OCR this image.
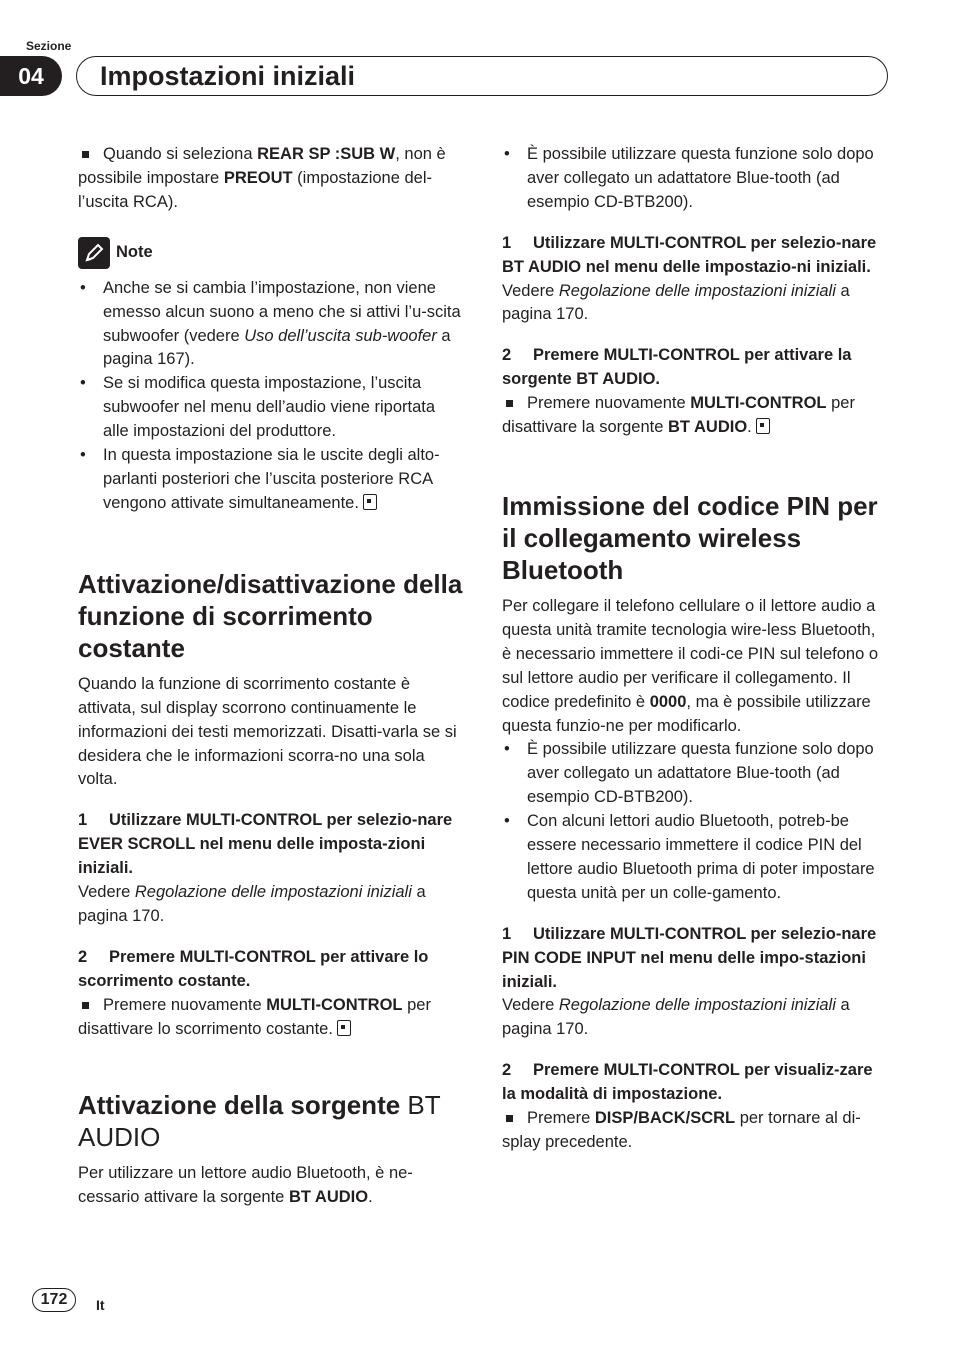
Sezione
04	Impostazioni iniziali

Quando si seleziona REAR SP :SUB W, non è possibile impostare PREOUT (impostazione del-l’uscita RCA).

Note

• Anche se si cambia l’impostazione, non viene emesso alcun suono a meno che si attivi l’u-scita subwoofer (vedere Uso dell’uscita sub-woofer a pagina 167).

• Se si modifica questa impostazione, l’uscita subwoofer nel menu dell’audio viene riportata alle impostazioni del produttore.

• In questa impostazione sia le uscite degli alto-parlanti posteriori che l’uscita posteriore RCA vengono attivate simultaneamente.

Attivazione/disattivazione della funzione di scorrimento costante

Quando la funzione di scorrimento costante è attivata, sul display scorrono continuamente le informazioni dei testi memorizzati. Disatti-varla se si desidera che le informazioni scorra-no una sola volta.

1 Utilizzare MULTI-CONTROL per selezio-nare EVER SCROLL nel menu delle imposta-zioni iniziali.

Vedere Regolazione delle impostazioni iniziali a pagina 170.

2 Premere MULTI-CONTROL per attivare lo scorrimento costante.

Premere nuovamente MULTI-CONTROL per disattivare lo scorrimento costante.

Attivazione della sorgente BT AUDIO

Per utilizzare un lettore audio Bluetooth, è ne-cessario attivare la sorgente BT AUDIO.

• È possibile utilizzare questa funzione solo dopo aver collegato un adattatore Blue-tooth (ad esempio CD-BTB200).

1 Utilizzare MULTI-CONTROL per selezio-nare BT AUDIO nel menu delle impostazio-ni iniziali.

Vedere Regolazione delle impostazioni iniziali a pagina 170.

2 Premere MULTI-CONTROL per attivare la sorgente BT AUDIO.

Premere nuovamente MULTI-CONTROL per disattivare la sorgente BT AUDIO.

Immissione del codice PIN per il collegamento wireless Bluetooth

Per collegare il telefono cellulare o il lettore audio a questa unità tramite tecnologia wire-less Bluetooth, è necessario immettere il codi-ce PIN sul telefono o sul lettore audio per verificare il collegamento. Il codice predefinito è 0000, ma è possibile utilizzare questa funzio-ne per modificarlo.

• È possibile utilizzare questa funzione solo dopo aver collegato un adattatore Blue-tooth (ad esempio CD-BTB200).

• Con alcuni lettori audio Bluetooth, potreb-be essere necessario immettere il codice PIN del lettore audio Bluetooth prima di poter impostare questa unità per un colle-gamento.

1 Utilizzare MULTI-CONTROL per selezio-nare PIN CODE INPUT nel menu delle impo-stazioni iniziali.

Vedere Regolazione delle impostazioni iniziali a pagina 170.

2 Premere MULTI-CONTROL per visualiz-zare la modalità di impostazione.

Premere DISP/BACK/SCRL per tornare al di-splay precedente.

172	It
